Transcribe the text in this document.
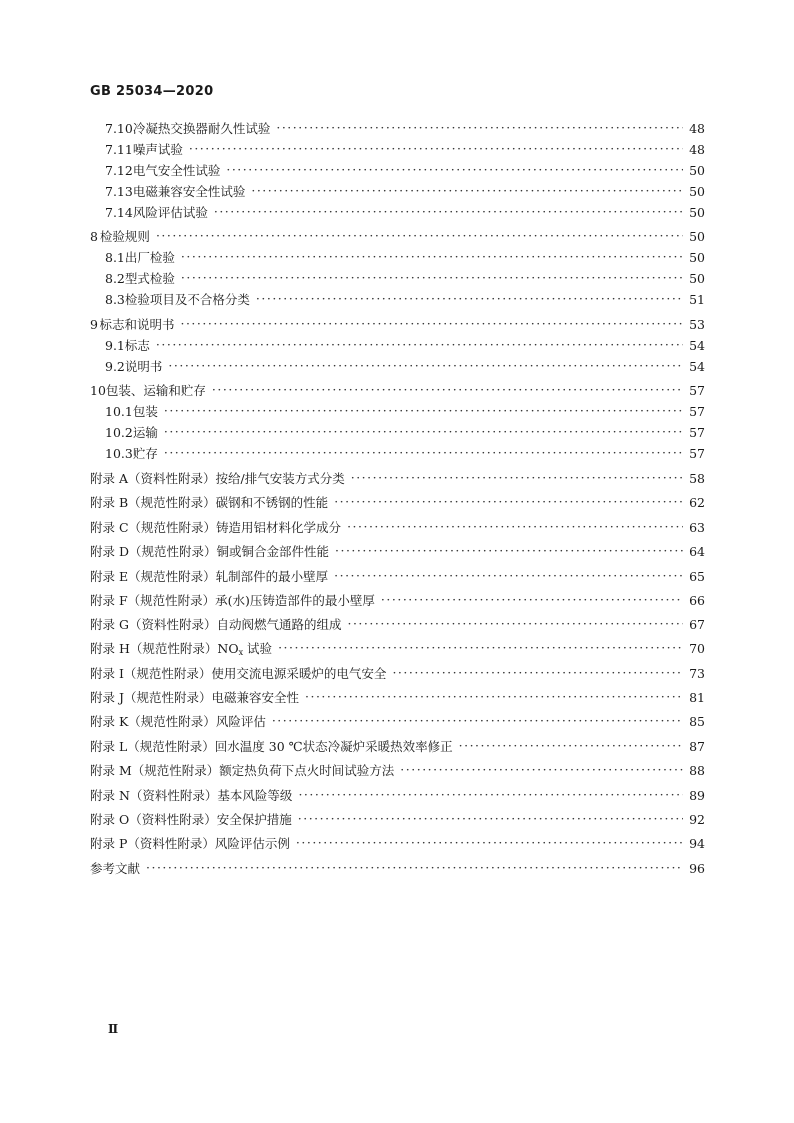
GB 25034—2020
7.10 冷凝热交换器耐久性试验 ·····	48
7.11 噪声试验 ·····	48
7.12 电气安全性试验 ·····	50
7.13 电磁兼容安全性试验 ·····	50
7.14 风险评估试验 ·····	50
8 检验规则 ·····	50
8.1 出厂检验 ·····	50
8.2 型式检验 ·····	50
8.3 检验项目及不合格分类 ·····	51
9 标志和说明书 ·····	53
9.1 标志 ·····	54
9.2 说明书 ·····	54
10 包装、运输和贮存 ·····	57
10.1 包装 ·····	57
10.2 运输 ·····	57
10.3 贮存 ·····	57
附录 A（资料性附录） 按给/排气安装方式分类 ·····	58
附录 B（规范性附录） 碳钢和不锈钢的性能 ·····	62
附录 C（规范性附录） 铸造用铝材料化学成分 ·····	63
附录 D（规范性附录） 铜或铜合金部件性能 ·····	64
附录 E（规范性附录） 轧制部件的最小壁厚 ·····	65
附录 F（规范性附录） 承(水)压铸造部件的最小壁厚 ·····	66
附录 G（资料性附录） 自动阀燃气通路的组成 ·····	67
附录 H（规范性附录） $NO_x$ 试验 ·····	70
附录 I（规范性附录） 使用交流电源采暖炉的电气安全 ·····	73
附录 J（规范性附录） 电磁兼容安全性 ·····	81
附录 K（规范性附录） 风险评估 ·····	85
附录 L（规范性附录） 回水温度 30 ℃状态冷凝炉采暖热效率修正 ·····	87
附录 M（规范性附录） 额定热负荷下点火时间试验方法 ·····	88
附录 N（资料性附录） 基本风险等级 ·····	89
附录 O（资料性附录） 安全保护措施 ·····	92
附录 P（资料性附录） 风险评估示例 ·····	94
参考文献 ·····	96
Ⅱ
